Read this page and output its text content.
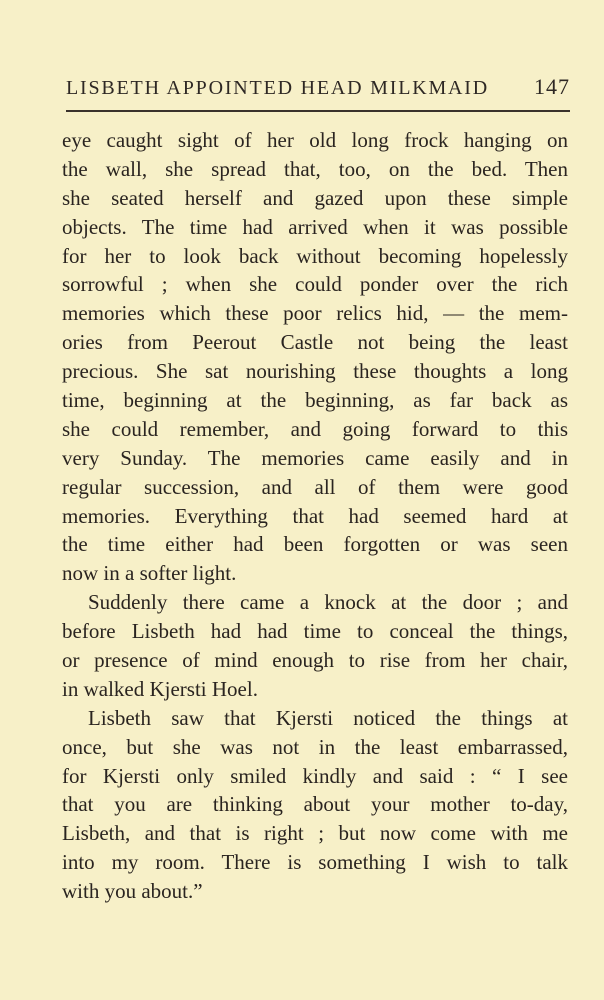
LISBETH APPOINTED HEAD MILKMAID 147
eye caught sight of her old long frock hanging on
the wall, she spread that, too, on the bed. Then
she seated herself and gazed upon these simple
objects. The time had arrived when it was possible
for her to look back without becoming hopelessly
sorrowful ; when she could ponder over the rich
memories which these poor relics hid, — the mem-
ories from Peerout Castle not being the least
precious. She sat nourishing these thoughts a long
time, beginning at the beginning, as far back as
she could remember, and going forward to this
very Sunday. The memories came easily and in
regular succession, and all of them were good
memories. Everything that had seemed hard at
the time either had been forgotten or was seen
now in a softer light.
Suddenly there came a knock at the door ; and
before Lisbeth had had time to conceal the things,
or presence of mind enough to rise from her chair,
in walked Kjersti Hoel.
Lisbeth saw that Kjersti noticed the things at
once, but she was not in the least embarrassed,
for Kjersti only smiled kindly and said : “ I see
that you are thinking about your mother to-day,
Lisbeth, and that is right ; but now come with me
into my room. There is something I wish to talk
with you about.”
